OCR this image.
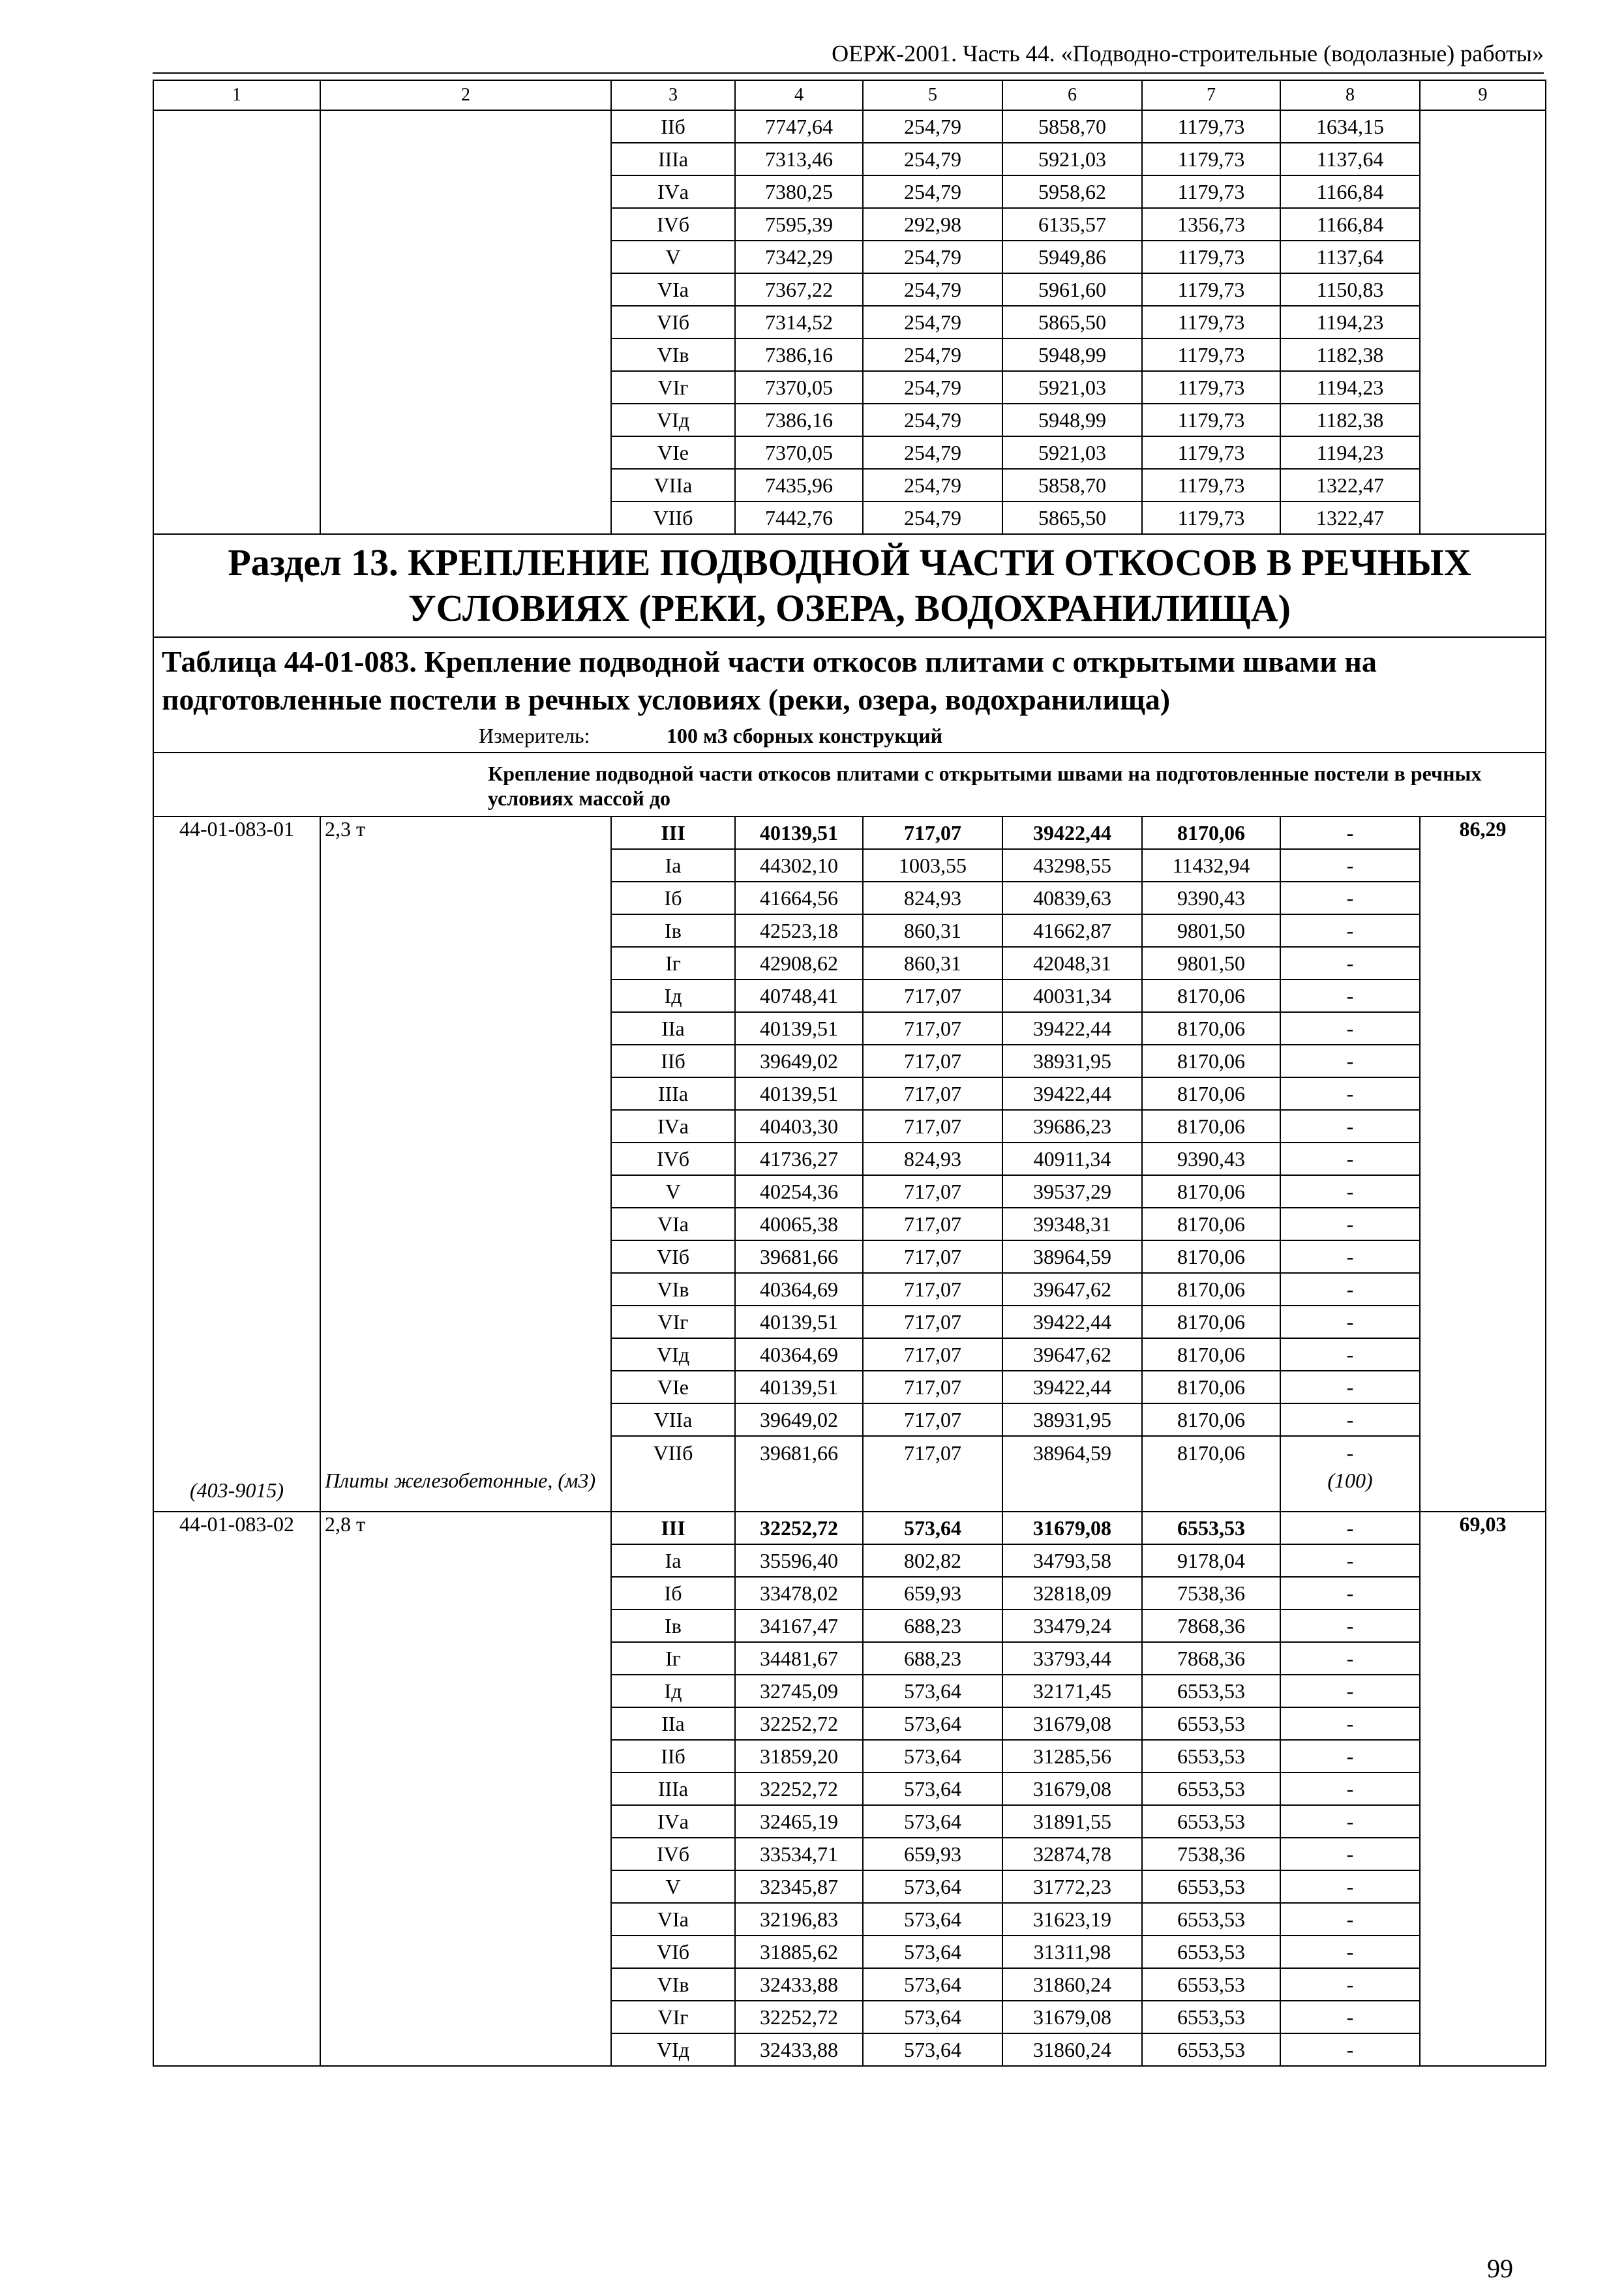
ОЕРЖ-2001. Часть 44. «Подводно-строительные (водолазные) работы»
1	2	3	4	5	6	7	8	9
		IIб	7747,64	254,79	5858,70	1179,73	1634,15	
		IIIа	7313,46	254,79	5921,03	1179,73	1137,64	
		IVа	7380,25	254,79	5958,62	1179,73	1166,84	
		IVб	7595,39	292,98	6135,57	1356,73	1166,84	
		V	7342,29	254,79	5949,86	1179,73	1137,64	
		VIа	7367,22	254,79	5961,60	1179,73	1150,83	
		VIб	7314,52	254,79	5865,50	1179,73	1194,23	
		VIв	7386,16	254,79	5948,99	1179,73	1182,38	
		VIг	7370,05	254,79	5921,03	1179,73	1194,23	
		VIд	7386,16	254,79	5948,99	1179,73	1182,38	
		VIе	7370,05	254,79	5921,03	1179,73	1194,23	
		VIIа	7435,96	254,79	5858,70	1179,73	1322,47	
		VIIб	7442,76	254,79	5865,50	1179,73	1322,47	
Раздел 13. КРЕПЛЕНИЕ ПОДВОДНОЙ ЧАСТИ ОТКОСОВ В РЕЧНЫХ УСЛОВИЯХ (РЕКИ, ОЗЕРА, ВОДОХРАНИЛИЩА)								
Таблица 44-01-083. Крепление подводной части откосов плитами с открытыми швами на подготовленные постели в речных условиях (реки, озера, водохранилища)								
Измеритель: 100 м3 сборных конструкций								
Крепление подводной части откосов плитами с открытыми швами на подготовленные постели в речных условиях массой до								
44-01-083-01	2,3 т	III	40139,51	717,07	39422,44	8170,06	-	86,29
		Iа	44302,10	1003,55	43298,55	11432,94	-	
		Iб	41664,56	824,93	40839,63	9390,43	-	
		Iв	42523,18	860,31	41662,87	9801,50	-	
		Iг	42908,62	860,31	42048,31	9801,50	-	
		Iд	40748,41	717,07	40031,34	8170,06	-	
		IIа	40139,51	717,07	39422,44	8170,06	-	
		IIб	39649,02	717,07	38931,95	8170,06	-	
		IIIа	40139,51	717,07	39422,44	8170,06	-	
		IVа	40403,30	717,07	39686,23	8170,06	-	
		IVб	41736,27	824,93	40911,34	9390,43	-	
		V	40254,36	717,07	39537,29	8170,06	-	
		VIа	40065,38	717,07	39348,31	8170,06	-	
		VIб	39681,66	717,07	38964,59	8170,06	-	
		VIв	40364,69	717,07	39647,62	8170,06	-	
		VIг	40139,51	717,07	39422,44	8170,06	-	
		VIд	40364,69	717,07	39647,62	8170,06	-	
		VIе	40139,51	717,07	39422,44	8170,06	-	
		VIIа	39649,02	717,07	38931,95	8170,06	-	
		VIIб	39681,66	717,07	38964,59	8170,06	-	
(403-9015)	Плиты железобетонные, (м3)						(100)	
44-01-083-02	2,8 т	III	32252,72	573,64	31679,08	6553,53	-	69,03
		Iа	35596,40	802,82	34793,58	9178,04	-	
		Iб	33478,02	659,93	32818,09	7538,36	-	
		Iв	34167,47	688,23	33479,24	7868,36	-	
		Iг	34481,67	688,23	33793,44	7868,36	-	
		Iд	32745,09	573,64	32171,45	6553,53	-	
		IIа	32252,72	573,64	31679,08	6553,53	-	
		IIб	31859,20	573,64	31285,56	6553,53	-	
		IIIа	32252,72	573,64	31679,08	6553,53	-	
		IVа	32465,19	573,64	31891,55	6553,53	-	
		IVб	33534,71	659,93	32874,78	7538,36	-	
		V	32345,87	573,64	31772,23	6553,53	-	
		VIа	32196,83	573,64	31623,19	6553,53	-	
		VIб	31885,62	573,64	31311,98	6553,53	-	
		VIв	32433,88	573,64	31860,24	6553,53	-	
		VIг	32252,72	573,64	31679,08	6553,53	-	
		VIд	32433,88	573,64	31860,24	6553,53	-	
99
